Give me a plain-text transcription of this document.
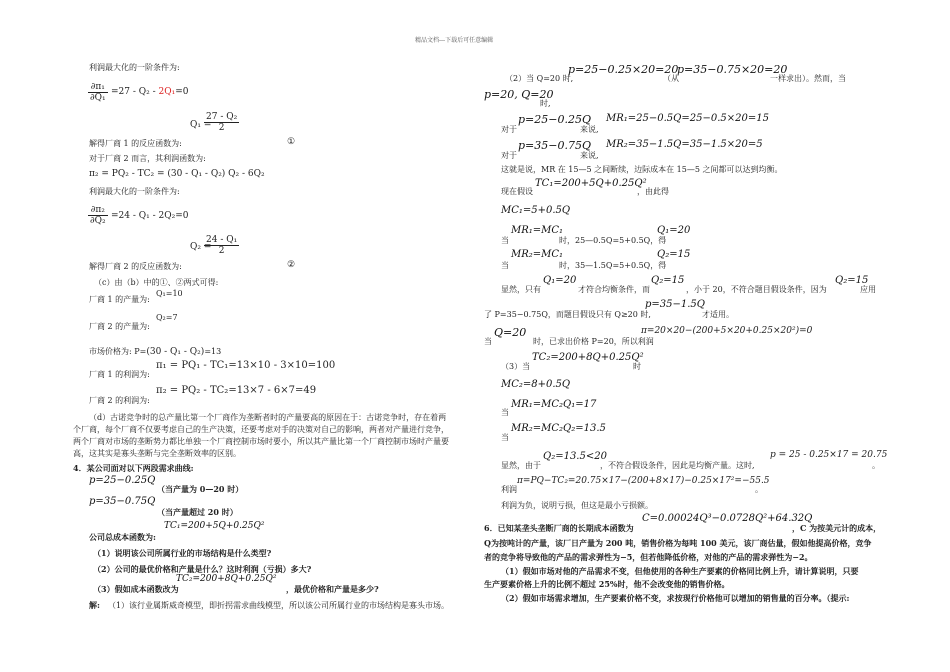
精品文档---下载后可任意编辑
利润最大化的一阶条件为:
$\frac{\text{∂π₁}}{\text{∂Q₁}} =27 - Q_2 - 2Q_1=0$
Q₁ =
$\frac{\text{27 - Q₂}}{2}$
解得厂商 1 的反应函数为:	①
对于厂商 2 而言，其利润函数为:
π₂ = PQ₂ - TC₂ = (30 - Q₁ - Q₂) Q₂ - 6Q₂
利润最大化的一阶条件为:
$\frac{\text{∂π₂}}{\text{∂Q₂}} =24 - Q_1 - 2Q_2=0$
Q₂ =
$\frac{\text{24 - Q₁}}{2}$
解得厂商 2 的反应函数为:	②
（c）由（b）中的①、②两式可得:
厂商 1 的产量为:
Q₁=10
厂商 2 的产量为:
Q₂=7
市场价格为: P=(30 - Q₁ - Q₂)=13
厂商 1 的利润为:
π₁ = PQ₁ - TC₁=13×10 - 3×10=100
π₂ = PQ₂ - TC₂=13×7 - 6×7=49
厂商 2 的利润为:
（d）古诺竞争时的总产量比第一个厂商作为垄断者时的产量要高的原因在于：古诺竞争时，存在着两
个厂商，每个厂商不仅要考虑自己的生产决策，还要考虑对手的决策对自己的影响，两者对产量进行竞争，
两个厂商对市场的垄断势力都比单独一个厂商控制市场时要小，所以其产量比第一个厂商控制市场时产量要
高，这其实是寡头垄断与完全垄断效率的区别。
4．某公司面对以下两段需求曲线:
p=25−0.25Q
（当产量为 0—20 时）
p=35−0.75Q
（当产量超过 20 时）
TC₁=200+5Q+0.25Q²
公司总成本函数为:
（1）说明该公司所属行业的市场结构是什么类型?
（2）公司的最优价格和产量是什么？这时利润（亏损）多大?
（3）假如成本函数改为
TC₂=200+8Q+0.25Q²
，最优价格和产量是多少?
解: （1）该行业属斯威奇模型，即折拐需求曲线模型，所以该公司所属行业的市场结构是寡头市场。
（2）当 Q=20 时,
p=25−0.25×20=20
（从
p=35−0.75×20=20
一样求出）。然而，当
p=20, Q=20
时,
对于
p=25−0.25Q
来说,
MR₁=25−0.5Q=25−0.5×20=15
对于
p=35−0.75Q
来说,
MR₂=35−1.5Q=35−1.5×20=5
这就是说，MR 在 15—5 之间断续，边际成本在 15—5 之间都可以达到均衡。
现在假设
TC₁=200+5Q+0.25Q²
，由此得
MC₁=5+0.5Q
当
MR₁=MC₁
时，25—0.5Q=5+0.5Q，得
Q₁=20
当
MR₂=MC₁
时，35—1.5Q=5+0.5Q，得
Q₂=15
显然，只有
Q₁=20
才符合均衡条件，而
Q₂=15
，小于 20，不符合题目假设条件，因为
Q₂=15
应用
了 P=35−0.75Q，而题目假设只有 Q≥20 时,
p=35−1.5Q
才适用。
当
Q=20
时，已求出价格 P=20，所以利润
π=20×20−(200+5×20+0.25×20²)=0
（3）当
TC₂=200+8Q+0.25Q²
时
MC₂=8+0.5Q
当
MR₁=MC₂Q₁=17
当
MR₂=MC₂Q₂=13.5
显然，由于
Q₂=13.5<20
，不符合假设条件，因此是均衡产量。这时,
p = 25 - 0.25×17 = 20.75
。
利润
π=PQ−TC₂=20.75×17−(200+8×17)−0.25×17²=−55.5
。
利润为负，说明亏损，但这是最小亏损额。
6．已知某垄头垄断厂商的长期成本函数为
C=0.00024Q³−0.0728Q²+64.32Q
，C 为按美元计的成本，
Q为按吨计的产量，该厂日产量为 200 吨，销售价格为每吨 100 美元，该厂商估量，假如他提高价格，竞争
者的竞争将导致他的产品的需求弹性为−5，但若他降低价格，对他的产品的需求弹性为−2。
（1）假如市场对他的产品需求不变，但他使用的各种生产要素的价格同比例上升，请计算说明，只要
生产要素价格上升的比例不超过 25%时，他不会改变他的销售价格。
（2）假如市场需求增加，生产要素价格不变，求按现行价格他可以增加的销售量的百分率。（提示:
